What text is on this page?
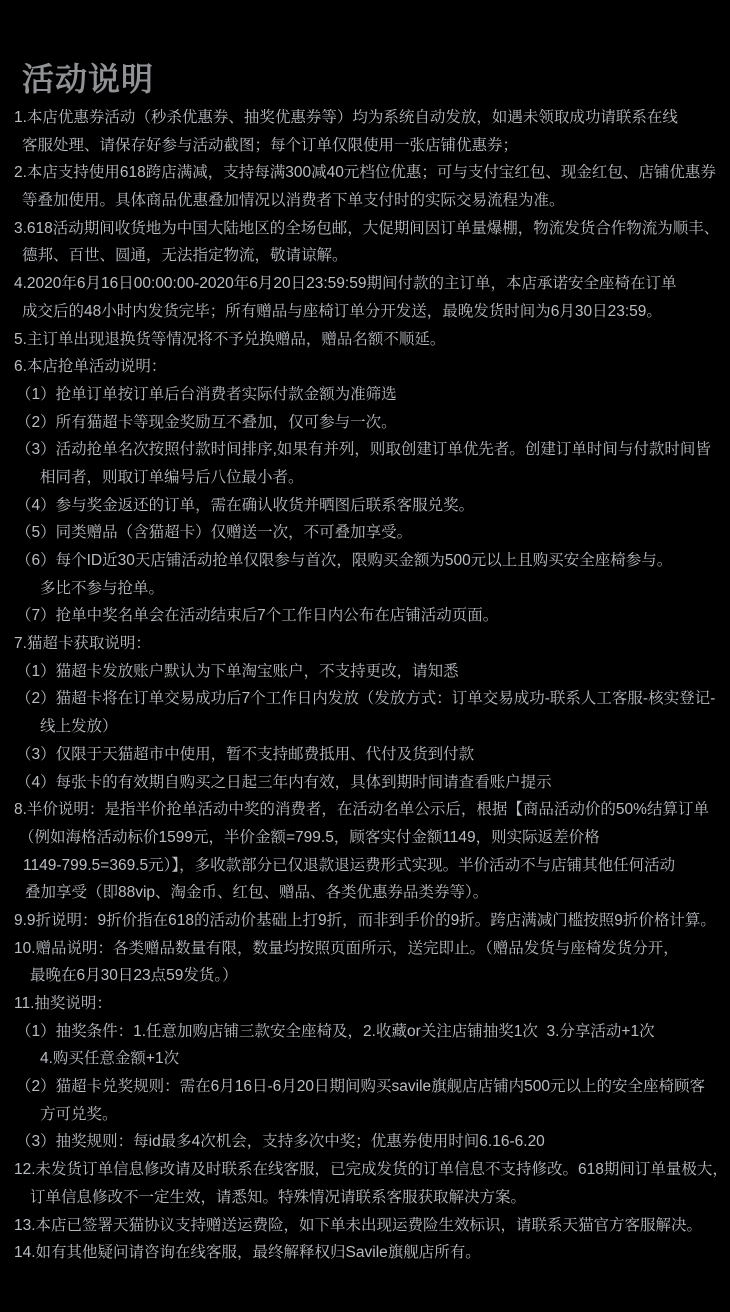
活动说明
1.本店优惠券活动（秒杀优惠券、抽奖优惠券等）均为系统自动发放，如遇未领取成功请联系在线
客服处理、请保存好参与活动截图；每个订单仅限使用一张店铺优惠券；
2.本店支持使用618跨店满减，支持每满300减40元档位优惠；可与支付宝红包、现金红包、店铺优惠券
等叠加使用。具体商品优惠叠加情况以消费者下单支付时的实际交易流程为准。
3.618活动期间收货地为中国大陆地区的全场包邮，大促期间因订单量爆棚，物流发货合作物流为顺丰、
德邦、百世、圆通，无法指定物流，敬请谅解。
4.2020年6月16日00:00:00-2020年6月20日23:59:59期间付款的主订单，本店承诺安全座椅在订单
成交后的48小时内发货完毕；所有赠品与座椅订单分开发送，最晚发货时间为6月30日23:59。
5.主订单出现退换货等情况将不予兑换赠品，赠品名额不顺延。
6.本店抢单活动说明：
（1）抢单订单按订单后台消费者实际付款金额为准筛选
（2）所有猫超卡等现金奖励互不叠加，仅可参与一次。
（3）活动抢单名次按照付款时间排序,如果有并列，则取创建订单优先者。创建订单时间与付款时间皆
相同者，则取订单编号后八位最小者。
（4）参与奖金返还的订单，需在确认收货并晒图后联系客服兑奖。
（5）同类赠品（含猫超卡）仅赠送一次，不可叠加享受。
（6）每个ID近30天店铺活动抢单仅限参与首次，限购买金额为500元以上且购买安全座椅参与。
多比不参与抢单。
（7）抢单中奖名单会在活动结束后7个工作日内公布在店铺活动页面。
7.猫超卡获取说明：
（1）猫超卡发放账户默认为下单淘宝账户，不支持更改，请知悉
（2）猫超卡将在订单交易成功后7个工作日内发放（发放方式：订单交易成功-联系人工客服-核实登记-
线上发放）
（3）仅限于天猫超市中使用，暂不支持邮费抵用、代付及货到付款
（4）每张卡的有效期自购买之日起三年内有效，具体到期时间请查看账户提示
8.半价说明：是指半价抢单活动中奖的消费者，在活动名单公示后，根据【商品活动价的50%结算订单
（例如海格活动标价1599元，半价金额=799.5，顾客实付金额1149，则实际返差价格
1149-799.5=369.5元）】，多收款部分已仅退款退运费形式实现。半价活动不与店铺其他任何活动
叠加享受（即88vip、淘金币、红包、赠品、各类优惠券品类券等）。
9.9折说明：9折价指在618的活动价基础上打9折，而非到手价的9折。跨店满减门槛按照9折价格计算。
10.赠品说明：各类赠品数量有限，数量均按照页面所示，送完即止。（赠品发货与座椅发货分开，
最晚在6月30日23点59发货。）
11.抽奖说明：
（1）抽奖条件：1.任意加购店铺三款安全座椅及，2.收藏or关注店铺抽奖1次  3.分享活动+1次
4.购买任意金额+1次
（2）猫超卡兑奖规则：需在6月16日-6月20日期间购买savile旗舰店店铺内500元以上的安全座椅顾客
方可兑奖。
（3）抽奖规则：每id最多4次机会，支持多次中奖；优惠券使用时间6.16-6.20
12.未发货订单信息修改请及时联系在线客服，已完成发货的订单信息不支持修改。618期间订单量极大，
订单信息修改不一定生效，请悉知。特殊情况请联系客服获取解决方案。
13.本店已签署天猫协议支持赠送运费险，如下单未出现运费险生效标识，请联系天猫官方客服解决。
14.如有其他疑问请咨询在线客服，最终解释权归Savile旗舰店所有。
